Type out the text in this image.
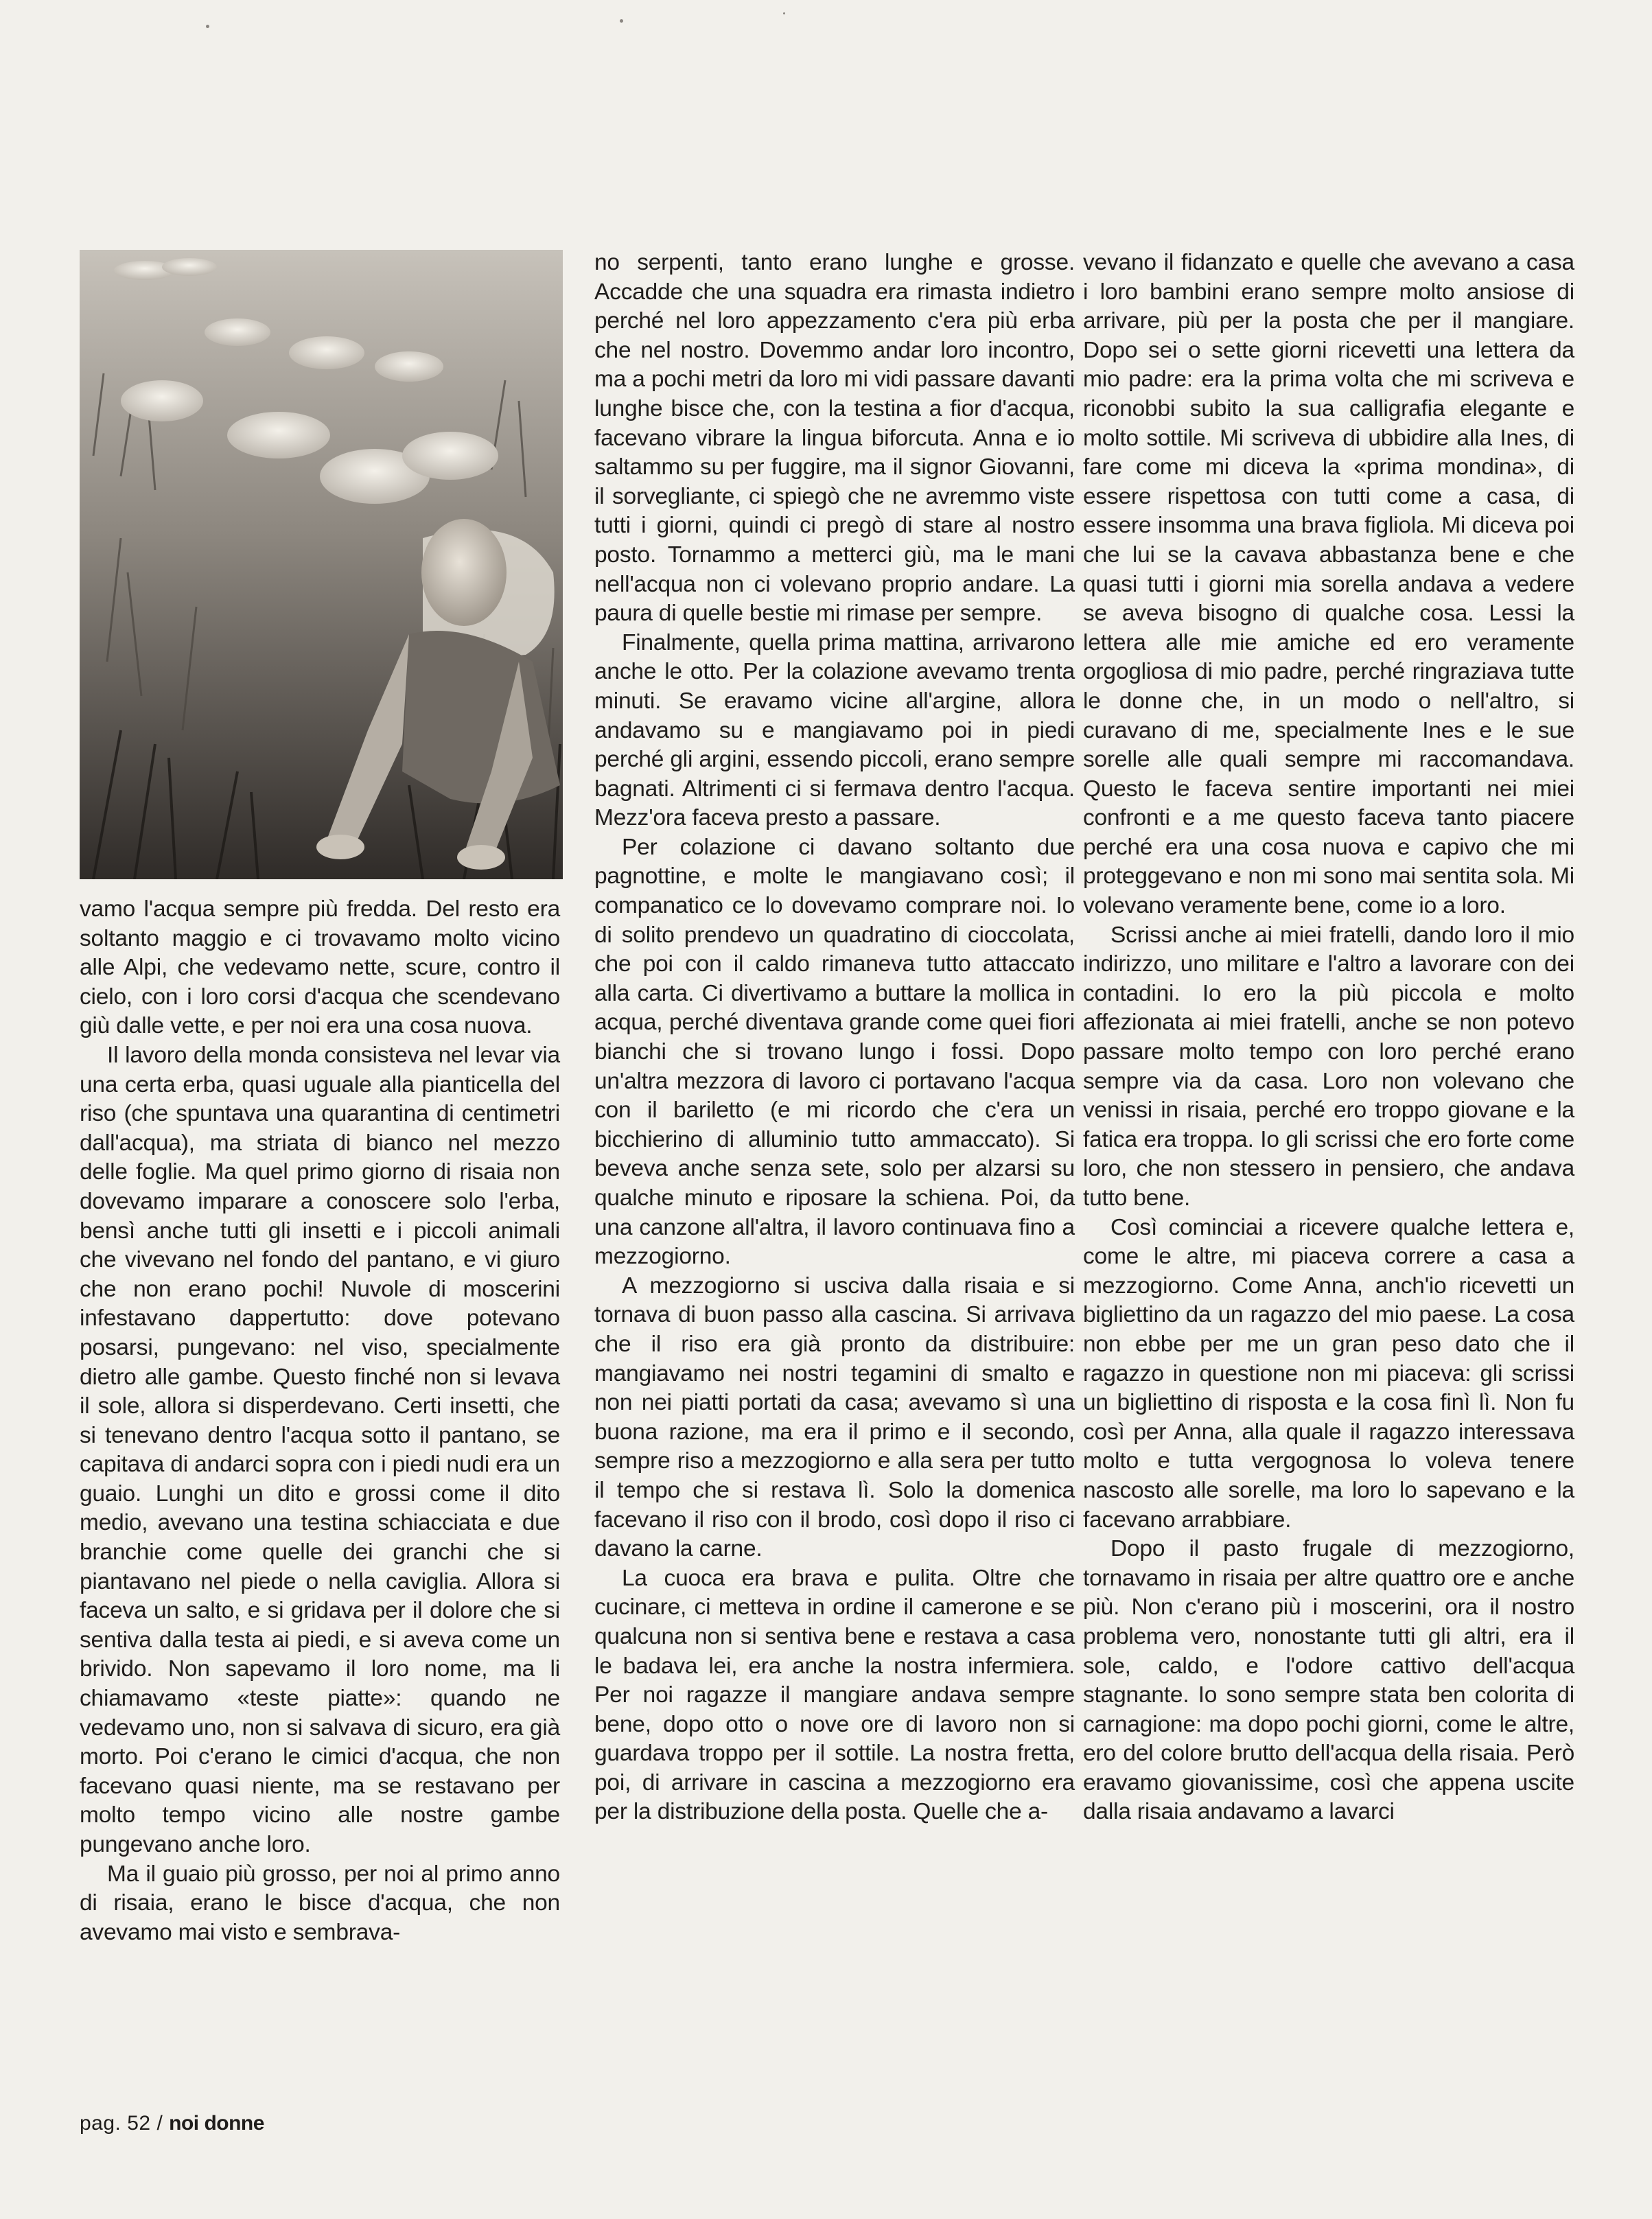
vamo l'acqua sempre più fredda. Del resto era soltanto maggio e ci trovavamo molto vicino alle Alpi, che vedevamo nette, scure, contro il cielo, con i loro corsi d'acqua che scendevano giù dalle vette, e per noi era una cosa nuova.

Il lavoro della monda consisteva nel levar via una certa erba, quasi uguale alla pianticella del riso (che spuntava una quarantina di centimetri dall'acqua), ma striata di bianco nel mezzo delle foglie. Ma quel primo giorno di risaia non dovevamo imparare a conoscere solo l'erba, bensì anche tutti gli insetti e i piccoli animali che vivevano nel fondo del pantano, e vi giuro che non erano pochi! Nuvole di moscerini infestavano dappertutto: dove potevano posarsi, pungevano: nel viso, specialmente dietro alle gambe. Questo finché non si levava il sole, allora si disperdevano. Certi insetti, che si tenevano dentro l'acqua sotto il pantano, se capitava di andarci sopra con i piedi nudi era un guaio. Lunghi un dito e grossi come il dito medio, avevano una testina schiacciata e due branchie come quelle dei granchi che si piantavano nel piede o nella caviglia. Allora si faceva un salto, e si gridava per il dolore che si sentiva dalla testa ai piedi, e si aveva come un brivido. Non sapevamo il loro nome, ma li chiamavamo «teste piatte»: quando ne vedevamo uno, non si salvava di sicuro, era già morto. Poi c'erano le cimici d'acqua, che non facevano quasi niente, ma se restavano per molto tempo vicino alle nostre gambe pungevano anche loro.

Ma il guaio più grosso, per noi al primo anno di risaia, erano le bisce d'acqua, che non avevamo mai visto e sembrava-

no serpenti, tanto erano lunghe e grosse. Accadde che una squadra era rimasta indietro perché nel loro appezzamento c'era più erba che nel nostro. Dovemmo andar loro incontro, ma a pochi metri da loro mi vidi passare davanti lunghe bisce che, con la testina a fior d'acqua, facevano vibrare la lingua biforcuta. Anna e io saltammo su per fuggire, ma il signor Giovanni, il sorvegliante, ci spiegò che ne avremmo viste tutti i giorni, quindi ci pregò di stare al nostro posto. Tornammo a metterci giù, ma le mani nell'acqua non ci volevano proprio andare. La paura di quelle bestie mi rimase per sempre.

Finalmente, quella prima mattina, arrivarono anche le otto. Per la colazione avevamo trenta minuti. Se eravamo vicine all'argine, allora andavamo su e mangiavamo poi in piedi perché gli argini, essendo piccoli, erano sempre bagnati. Altrimenti ci si fermava dentro l'acqua. Mezz'ora faceva presto a passare.

Per colazione ci davano soltanto due pagnottine, e molte le mangiavano così; il companatico ce lo dovevamo comprare noi. Io di solito prendevo un quadratino di cioccolata, che poi con il caldo rimaneva tutto attaccato alla carta. Ci divertivamo a buttare la mollica in acqua, perché diventava grande come quei fiori bianchi che si trovano lungo i fossi. Dopo un'altra mezzora di lavoro ci portavano l'acqua con il bariletto (e mi ricordo che c'era un bicchierino di alluminio tutto ammaccato). Si beveva anche senza sete, solo per alzarsi su qualche minuto e riposare la schiena. Poi, da una canzone all'altra, il lavoro continuava fino a mezzogiorno.

A mezzogiorno si usciva dalla risaia e si tornava di buon passo alla cascina. Si arrivava che il riso era già pronto da distribuire: mangiavamo nei nostri tegamini di smalto e non nei piatti portati da casa; avevamo sì una buona razione, ma era il primo e il secondo, sempre riso a mezzogiorno e alla sera per tutto il tempo che si restava lì. Solo la domenica facevano il riso con il brodo, così dopo il riso ci davano la carne.

La cuoca era brava e pulita. Oltre che cucinare, ci metteva in ordine il camerone e se qualcuna non si sentiva bene e restava a casa le badava lei, era anche la nostra infermiera. Per noi ragazze il mangiare andava sempre bene, dopo otto o nove ore di lavoro non si guardava troppo per il sottile. La nostra fretta, poi, di arrivare in cascina a mezzogiorno era per la distribuzione della posta. Quelle che a-

vevano il fidanzato e quelle che avevano a casa i loro bambini erano sempre molto ansiose di arrivare, più per la posta che per il mangiare. Dopo sei o sette giorni ricevetti una lettera da mio padre: era la prima volta che mi scriveva e riconobbi subito la sua calligrafia elegante e molto sottile. Mi scriveva di ubbidire alla Ines, di fare come mi diceva la «prima mondina», di essere rispettosa con tutti come a casa, di essere insomma una brava figliola. Mi diceva poi che lui se la cavava abbastanza bene e che quasi tutti i giorni mia sorella andava a vedere se aveva bisogno di qualche cosa. Lessi la lettera alle mie amiche ed ero veramente orgogliosa di mio padre, perché ringraziava tutte le donne che, in un modo o nell'altro, si curavano di me, specialmente Ines e le sue sorelle alle quali sempre mi raccomandava. Questo le faceva sentire importanti nei miei confronti e a me questo faceva tanto piacere perché era una cosa nuova e capivo che mi proteggevano e non mi sono mai sentita sola. Mi volevano veramente bene, come io a loro.

Scrissi anche ai miei fratelli, dando loro il mio indirizzo, uno militare e l'altro a lavorare con dei contadini. Io ero la più piccola e molto affezionata ai miei fratelli, anche se non potevo passare molto tempo con loro perché erano sempre via da casa. Loro non volevano che venissi in risaia, perché ero troppo giovane e la fatica era troppa. Io gli scrissi che ero forte come loro, che non stessero in pensiero, che andava tutto bene.

Così cominciai a ricevere qualche lettera e, come le altre, mi piaceva correre a casa a mezzogiorno. Come Anna, anch'io ricevetti un bigliettino da un ragazzo del mio paese. La cosa non ebbe per me un gran peso dato che il ragazzo in questione non mi piaceva: gli scrissi un bigliettino di risposta e la cosa finì lì. Non fu così per Anna, alla quale il ragazzo interessava molto e tutta vergognosa lo voleva tenere nascosto alle sorelle, ma loro lo sapevano e la facevano arrabbiare.

Dopo il pasto frugale di mezzogiorno, tornavamo in risaia per altre quattro ore e anche più. Non c'erano più i moscerini, ora il nostro problema vero, nonostante tutti gli altri, era il sole, caldo, e l'odore cattivo dell'acqua stagnante. Io sono sempre stata ben colorita di carnagione: ma dopo pochi giorni, come le altre, ero del colore brutto dell'acqua della risaia. Però eravamo giovanissime, così che appena uscite dalla risaia andavamo a lavarci

pag. 52 / noi donne
